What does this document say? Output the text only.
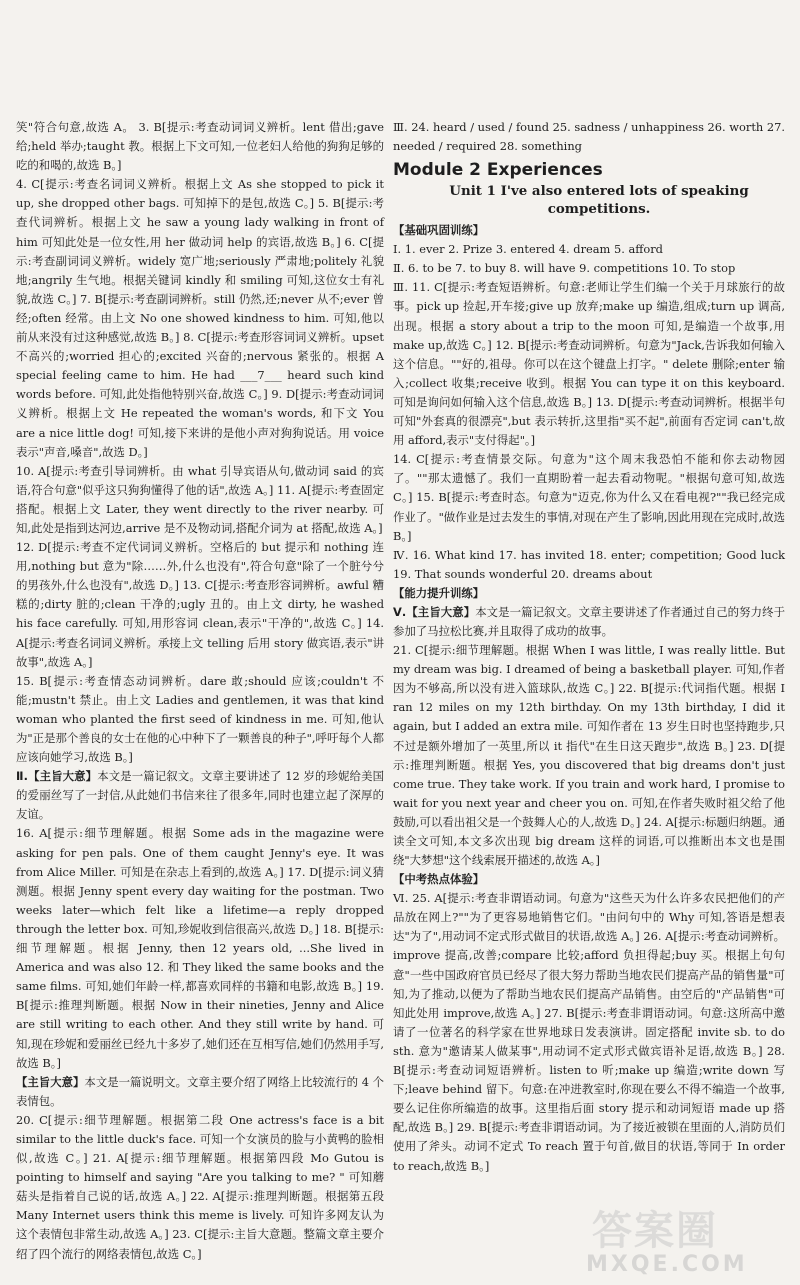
笑"符合句意,故选 A。 3. B[提示:考查动词词义辨析。lent 借出;gave 给;held 举办;taught 教。根据上下文可知,一位老妇人给他的狗狗足够的吃的和喝的,故选 B。]

4. C[提示:考查名词词义辨析。根据上文 As she stopped to pick it up, she dropped other bags. 可知掉下的是包,故选 C。] 5. B[提示:考查代词辨析。根据上文 he saw a young lady walking in front of him 可知此处是一位女性,用 her 做动词 help 的宾语,故选 B。] 6. C[提示:考查副词词义辨析。widely 宽广地;seriously 严肃地;politely 礼貌地;angrily 生气地。根据关键词 kindly 和 smiling 可知,这位女士有礼貌,故选 C。] 7. B[提示:考查副词辨析。still 仍然,还;never 从不;ever 曾经;often 经常。由上文 No one showed kindness to him. 可知,他以前从来没有过这种感觉,故选 B。] 8. C[提示:考查形容词词义辨析。upset 不高兴的;worried 担心的;excited 兴奋的;nervous 紧张的。根据 A special feeling came to him. He had ___7___ heard such kind words before. 可知,此处指他特别兴奋,故选 C。] 9. D[提示:考查动词词义辨析。根据上文 He repeated the woman's words, 和下文 You are a nice little dog! 可知,接下来讲的是他小声对狗狗说话。用 voice 表示"声音,嗓音",故选 D。]

10. A[提示:考查引导词辨析。由 what 引导宾语从句,做动词 said 的宾语,符合句意"似乎这只狗狗懂得了他的话",故选 A。] 11. A[提示:考查固定搭配。根据上文 Later, they went directly to the river nearby. 可知,此处是指到达河边,arrive 是不及物动词,搭配介词为 at 搭配,故选 A。]

12. D[提示:考查不定代词词义辨析。空格后的 but 提示和 nothing 连用,nothing but 意为"除……外,什么也没有",符合句意"除了一个脏兮兮的男孩外,什么也没有",故选 D。] 13. C[提示:考查形容词辨析。awful 糟糕的;dirty 脏的;clean 干净的;ugly 丑的。由上文 dirty, he washed his face carefully. 可知,用形容词 clean,表示"干净的",故选 C。] 14. A[提示:考查名词词义辨析。承接上文 telling 后用 story 做宾语,表示"讲故事",故选 A。]

15. B[提示:考查情态动词辨析。dare 敢;should 应该;couldn't 不能;mustn't 禁止。由上文 Ladies and gentlemen, it was that kind woman who planted the first seed of kindness in me. 可知,他认为"正是那个善良的女士在他的心中种下了一颗善良的种子",呼吁每个人都应该向她学习,故选 B。]

Ⅱ.【主旨大意】本文是一篇记叙文。文章主要讲述了 12 岁的珍妮给美国的爱丽丝写了一封信,从此她们书信来往了很多年,同时也建立起了深厚的友谊。

16. A[提示:细节理解题。根据 Some ads in the magazine were asking for pen pals. One of them caught Jenny's eye. It was from Alice Miller. 可知是在杂志上看到的,故选 A。] 17. D[提示:词义猜测题。根据 Jenny spent every day waiting for the postman. Two weeks later—which felt like a lifetime—a reply dropped through the letter box. 可知,珍妮收到信很高兴,故选 D。] 18. B[提示:细节理解题。根据 Jenny, then 12 years old, ...She lived in America and was also 12. 和 They liked the same books and the same films. 可知,她们年龄一样,都喜欢同样的书籍和电影,故选 B。] 19. B[提示:推理判断题。根据 Now in their nineties, Jenny and Alice are still writing to each other. And they still write by hand. 可知,现在珍妮和爱丽丝已经九十多岁了,她们还在互相写信,她们仍然用手写,故选 B。]

【主旨大意】本文是一篇说明文。文章主要介绍了网络上比较流行的 4 个表情包。

20. C[提示:细节理解题。根据第二段 One actress's face is a bit similar to the little duck's face. 可知一个女演员的脸与小黄鸭的脸相似,故选 C。] 21. A[提示:细节理解题。根据第四段 Mo Gutou is pointing to himself and saying "Are you talking to me? " 可知蘑菇头是指着自己说的话,故选 A。] 22. A[提示:推理判断题。根据第五段 Many Internet users think this meme is lively. 可知许多网友认为这个表情包非常生动,故选 A。] 23. C[提示:主旨大意题。整篇文章主要介绍了四个流行的网络表情包,故选 C。]

Ⅲ. 24. heard / used / found 25. sadness / unhappiness 26. worth 27. needed / required 28. something

Module 2 Experiences
Unit 1 I've also entered lots of speaking competitions.
【基础巩固训练】

Ⅰ. 1. ever 2. Prize 3. entered 4. dream 5. afford

Ⅱ. 6. to be 7. to buy 8. will have 9. competitions 10. To stop

Ⅲ. 11. C[提示:考查短语辨析。句意:老师让学生们编一个关于月球旅行的故事。pick up 捡起,开车接;give up 放弃;make up 编造,组成;turn up 调高,出现。根据 a story about a trip to the moon 可知,是编造一个故事,用 make up,故选 C。] 12. B[提示:考查动词辨析。句意为"Jack,告诉我如何输入这个信息。""好的,祖母。你可以在这个键盘上打字。" delete 删除;enter 输入;collect 收集;receive 收到。根据 You can type it on this keyboard. 可知是询问如何输入这个信息,故选 B。] 13. D[提示:考查动词辨析。根据半句可知"外套真的很漂亮",but 表示转折,这里指"买不起",前面有否定词 can't,故用 afford,表示"支付得起"。]

14. C[提示:考查情景交际。句意为"这个周末我恐怕不能和你去动物园了。""那太遗憾了。我们一直期盼着一起去看动物呢。"根据句意可知,故选 C。] 15. B[提示:考查时态。句意为"迈克,你为什么又在看电视?""我已经完成作业了。"做作业是过去发生的事情,对现在产生了影响,因此用现在完成时,故选 B。]

Ⅳ. 16. What kind 17. has invited 18. enter; competition; Good luck 19. That sounds wonderful 20. dreams about

【能力提升训练】

Ⅴ.【主旨大意】本文是一篇记叙文。文章主要讲述了作者通过自己的努力终于参加了马拉松比赛,并且取得了成功的故事。

21. C[提示:细节理解题。根据 When I was little, I was really little. But my dream was big. I dreamed of being a basketball player. 可知,作者因为不够高,所以没有进入篮球队,故选 C。] 22. B[提示:代词指代题。根据 I ran 12 miles on my 12th birthday. On my 13th birthday, I did it again, but I added an extra mile. 可知作者在 13 岁生日时也坚持跑步,只不过是额外增加了一英里,所以 it 指代"在生日这天跑步",故选 B。] 23. D[提示:推理判断题。根据 Yes, you discovered that big dreams don't just come true. They take work. If you train and work hard, I promise to wait for you next year and cheer you on. 可知,在作者失败时祖父给了他鼓励,可以看出祖父是一个鼓舞人心的人,故选 D。] 24. A[提示:标题归纳题。通读全文可知,本文多次出现 big dream 这样的词语,可以推断出本文也是围绕"大梦想"这个线索展开描述的,故选 A。]

【中考热点体验】

Ⅵ. 25. A[提示:考查非谓语动词。句意为"这些天为什么许多农民把他们的产品放在网上?""为了更容易地销售它们。"由问句中的 Why 可知,答语是想表达"为了",用动词不定式形式做目的状语,故选 A。] 26. A[提示:考查动词辨析。improve 提高,改善;compare 比较;afford 负担得起;buy 买。根据上句句意"一些中国政府官员已经尽了很大努力帮助当地农民们提高产品的销售量"可知,为了推动,以便为了帮助当地农民们提高产品销售。由空后的"产品销售"可知此处用 improve,故选 A。] 27. B[提示:考查非谓语动词。句意:这所高中邀请了一位著名的科学家在世界地球日发表演讲。固定搭配 invite sb. to do sth. 意为"邀请某人做某事",用动词不定式形式做宾语补足语,故选 B。] 28. B[提示:考查动词短语辨析。listen to 听;make up 编造;write down 写下;leave behind 留下。句意:在冲进教室时,你现在要么不得不编造一个故事,要么记住你所编造的故事。这里指后面 story 提示和动词短语 made up 搭配,故选 B。] 29. B[提示:考查非谓语动词。为了接近被锁在里面的人,消防员们使用了斧头。动词不定式 To reach 置于句首,做目的状语,等同于 In order to reach,故选 B。]

答案圈
MXQE.COM
